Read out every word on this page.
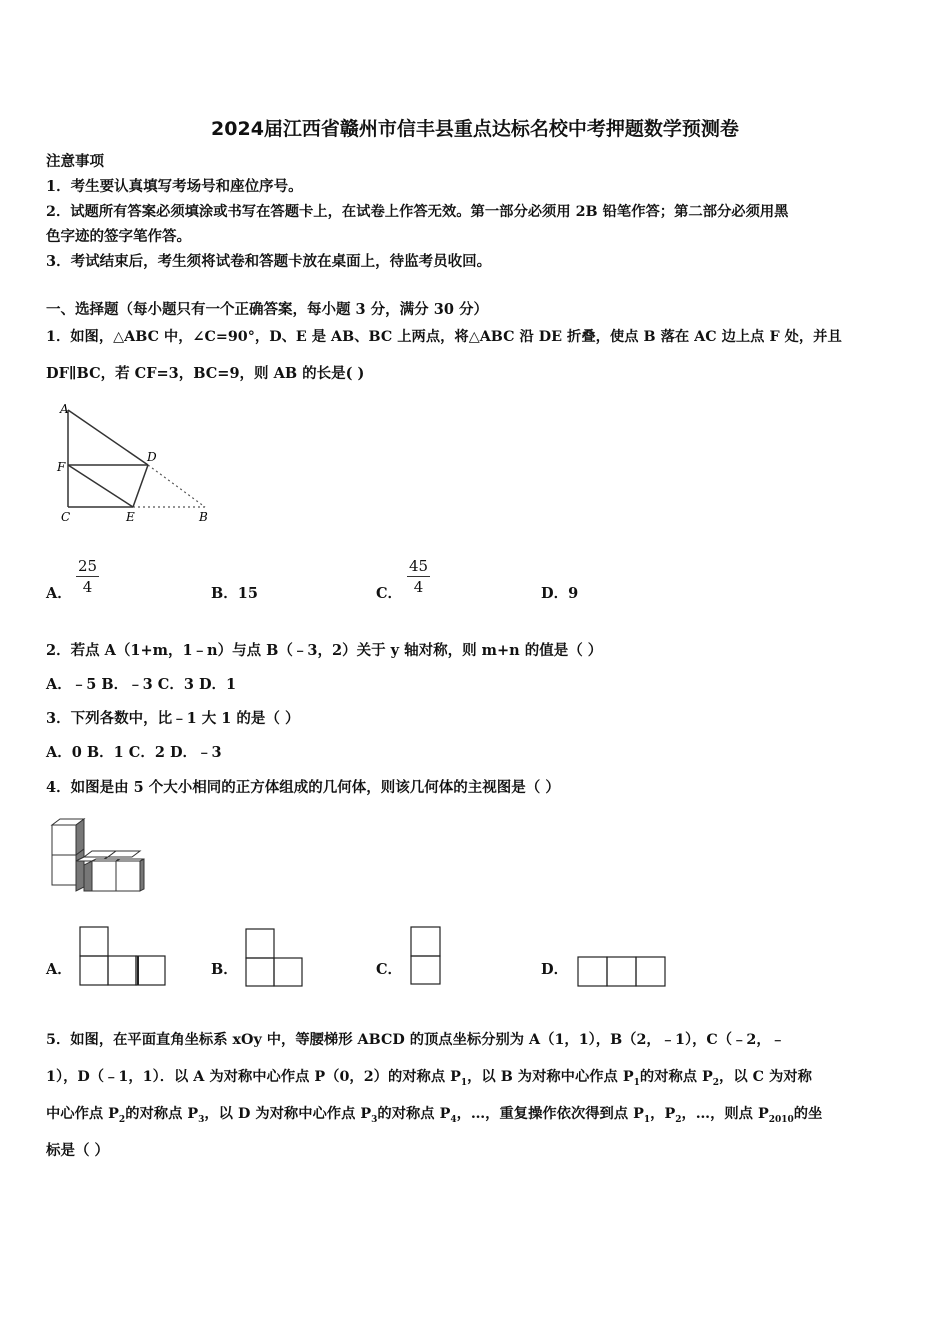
2024届江西省赣州市信丰县重点达标名校中考押题数学预测卷
注意事项
1．考生要认真填写考场号和座位序号。
2．试题所有答案必须填涂或书写在答题卡上，在试卷上作答无效。第一部分必须用 2B 铅笔作答；第二部分必须用黑
色字迹的签字笔作答。
3．考试结束后，考生须将试卷和答题卡放在桌面上，待监考员收回。
一、选择题（每小题只有一个正确答案，每小题 3 分，满分 30 分）
1．如图，△ABC 中，∠C=90°，D、E 是 AB、BC 上两点，将△ABC 沿 DE 折叠，使点 B 落在 AC 边上点 F 处，并且
DF∥BC，若 CF=3，BC=9，则 AB 的长是( )
A
F
D
C	E	B
A． $\frac{25}{4}$	B．15	C． $\frac{45}{4}$	D．9
2．若点 A（1+m，1﹣n）与点 B（﹣3，2）关于 y 轴对称，则 m+n 的值是（ ）
A．﹣5 B．﹣3 C．3 D．1
3．下列各数中，比﹣1 大 1 的是（ ）
A．0 B．1 C．2 D．﹣3
4．如图是由 5 个大小相同的正方体组成的几何体，则该几何体的主视图是（ ）
A．	B．	C．	D．
5．如图，在平面直角坐标系 xOy 中，等腰梯形 ABCD 的顶点坐标分别为 A（1，1），B（2，﹣1），C（﹣2，﹣
1），D（﹣1，1）．以 A 为对称中心作点 P（0，2）的对称点 $P_1$，以 B 为对称中心作点 $P_1$的对称点 $P_2$，以 C 为对称
中心作点 $P_2$的对称点 $P_3$，以 D 为对称中心作点 $P_3$的对称点 $P_4$，…，重复操作依次得到点 $P_1$，$P_2$，…，则点 $P_{2010}$的坐
标是（ ）
